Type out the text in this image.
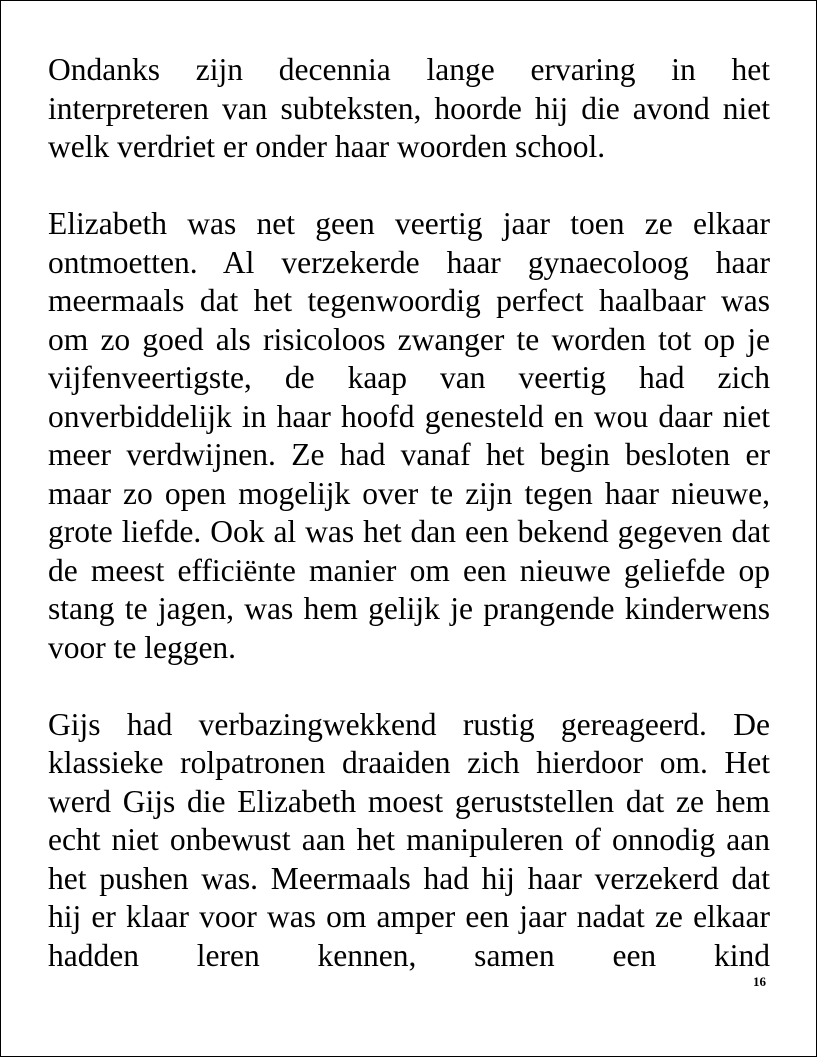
Ondanks zijn decennia lange ervaring in het interpreteren van subteksten, hoorde hij die avond niet welk verdriet er onder haar woorden school.

Elizabeth was net geen veertig jaar toen ze elkaar ontmoetten. Al verzekerde haar gynaecoloog haar meermaals dat het tegenwoordig perfect haalbaar was om zo goed als risicoloos zwanger te worden tot op je vijfenveertigste, de kaap van veertig had zich onverbiddelijk in haar hoofd genesteld en wou daar niet meer verdwijnen. Ze had vanaf het begin besloten er maar zo open mogelijk over te zijn tegen haar nieuwe, grote liefde. Ook al was het dan een bekend gegeven dat de meest efficiënte manier om een nieuwe geliefde op stang te jagen, was hem gelijk je prangende kinderwens voor te leggen.

Gijs had verbazingwekkend rustig gereageerd. De klassieke rolpatronen draaiden zich hierdoor om. Het werd Gijs die Elizabeth moest geruststellen dat ze hem echt niet onbewust aan het manipuleren of onnodig aan het pushen was. Meermaals had hij haar verzekerd dat hij er klaar voor was om amper een jaar nadat ze elkaar hadden leren kennen, samen een kind

16
